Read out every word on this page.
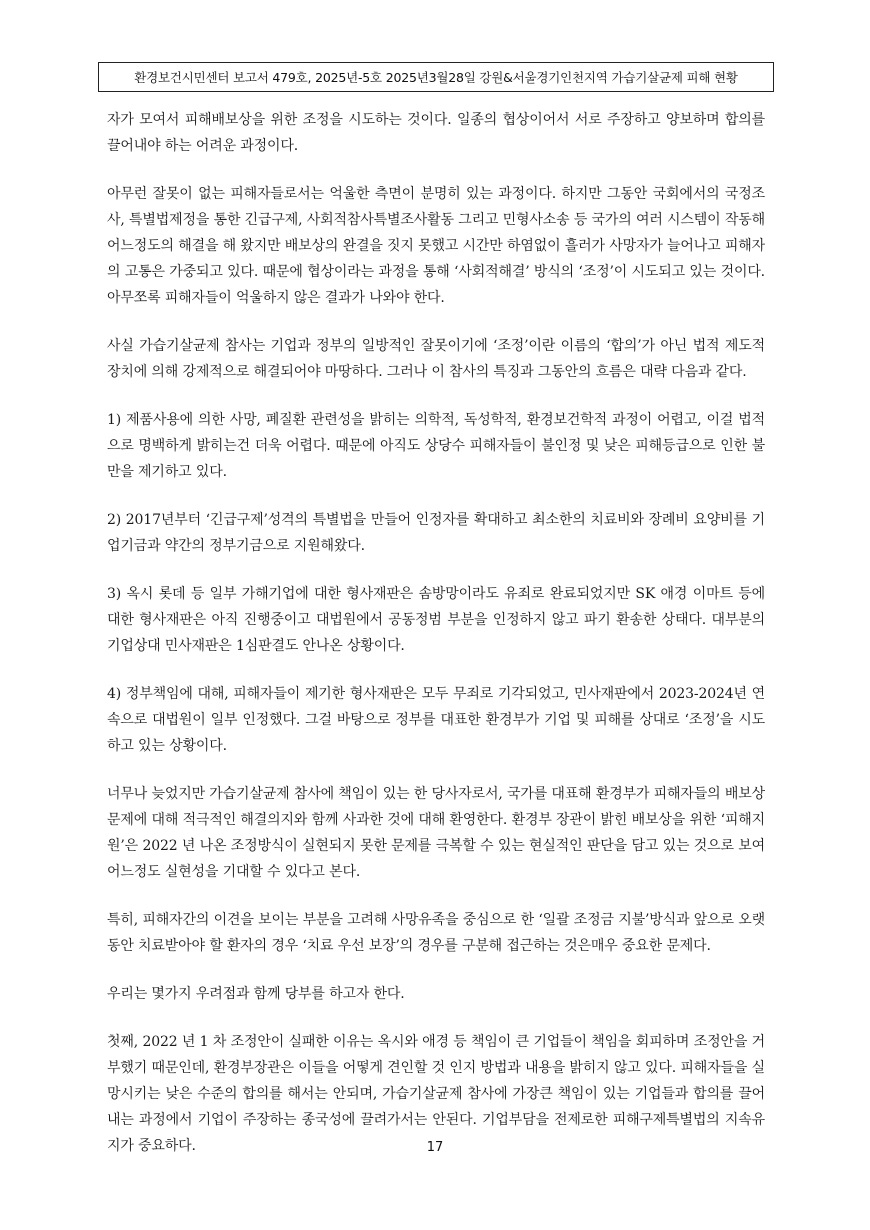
환경보건시민센터 보고서 479호, 2025년-5호 2025년3월28일 강원&서울경기인천지역 가습기살균제 피해 현황

자가 모여서 피해배보상을 위한 조정을 시도하는 것이다. 일종의 협상이어서 서로 주장하고 양보하며 합의를 끌어내야 하는 어려운 과정이다.

아무런 잘못이 없는 피해자들로서는 억울한 측면이 분명히 있는 과정이다. 하지만 그동안 국회에서의 국정조사, 특별법제정을 통한 긴급구제, 사회적참사특별조사활동 그리고 민형사소송 등 국가의 여러 시스템이 작동해 어느정도의 해결을 해 왔지만 배보상의 완결을 짓지 못했고 시간만 하염없이 흘러가 사망자가 늘어나고 피해자의 고통은 가중되고 있다. 때문에 협상이라는 과정을 통해 ‘사회적해결’ 방식의 ‘조정’이 시도되고 있는 것이다. 아무쪼록 피해자들이 억울하지 않은 결과가 나와야 한다.

사실 가습기살균제 참사는 기업과 정부의 일방적인 잘못이기에 ‘조정’이란 이름의 ‘합의’가 아닌 법적 제도적 장치에 의해 강제적으로 해결되어야 마땅하다. 그러나 이 참사의 특징과 그동안의 흐름은 대략 다음과 같다.

1) 제품사용에 의한 사망, 폐질환 관련성을 밝히는 의학적, 독성학적, 환경보건학적 과정이 어렵고, 이걸 법적으로 명백하게 밝히는건 더욱 어렵다. 때문에 아직도 상당수 피해자들이 불인정 및 낮은 피해등급으로 인한 불만을 제기하고 있다.

2) 2017년부터 ‘긴급구제’성격의 특별법을 만들어 인정자를 확대하고 최소한의 치료비와 장례비 요양비를 기업기금과 약간의 정부기금으로 지원해왔다.

3) 옥시 롯데 등 일부 가해기업에 대한 형사재판은 솜방망이라도 유죄로 완료되었지만 SK 애경 이마트 등에 대한 형사재판은 아직 진행중이고 대법원에서 공동정범 부분을 인정하지 않고 파기 환송한 상태다. 대부분의 기업상대 민사재판은 1심판결도 안나온 상황이다.

4) 정부책임에 대해, 피해자들이 제기한 형사재판은 모두 무죄로 기각되었고, 민사재판에서 2023-2024년 연속으로 대법원이 일부 인정했다. 그걸 바탕으로 정부를 대표한 환경부가 기업 및 피해를 상대로 ‘조정’을 시도하고 있는 상황이다.

너무나 늦었지만 가습기살균제 참사에 책임이 있는 한 당사자로서, 국가를 대표해 환경부가 피해자들의 배보상 문제에 대해 적극적인 해결의지와 함께 사과한 것에 대해 환영한다. 환경부 장관이 밝힌 배보상을 위한 ‘피해지원’은 2022 년 나온 조정방식이 실현되지 못한 문제를 극복할 수 있는 현실적인 판단을 담고 있는 것으로 보여 어느정도 실현성을 기대할 수 있다고 본다.

특히, 피해자간의 이견을 보이는 부분을 고려해 사망유족을 중심으로 한 ‘일괄 조정금 지불’방식과 앞으로 오랫동안 치료받아야 할 환자의 경우 ‘치료 우선 보장’의 경우를 구분해 접근하는 것은매우 중요한 문제다.

우리는 몇가지 우려점과 함께 당부를 하고자 한다.

첫째, 2022 년 1 차 조정안이 실패한 이유는 옥시와 애경 등 책임이 큰 기업들이 책임을 회피하며 조정안을 거부했기 때문인데, 환경부장관은 이들을 어떻게 견인할 것 인지 방법과 내용을 밝히지 않고 있다. 피해자들을 실망시키는 낮은 수준의 합의를 해서는 안되며, 가습기살균제 참사에 가장큰 책임이 있는 기업들과 합의를 끌어내는 과정에서 기업이 주장하는 종국성에 끌려가서는 안된다. 기업부담을 전제로한 피해구제특별법의 지속유지가 중요하다.	17
